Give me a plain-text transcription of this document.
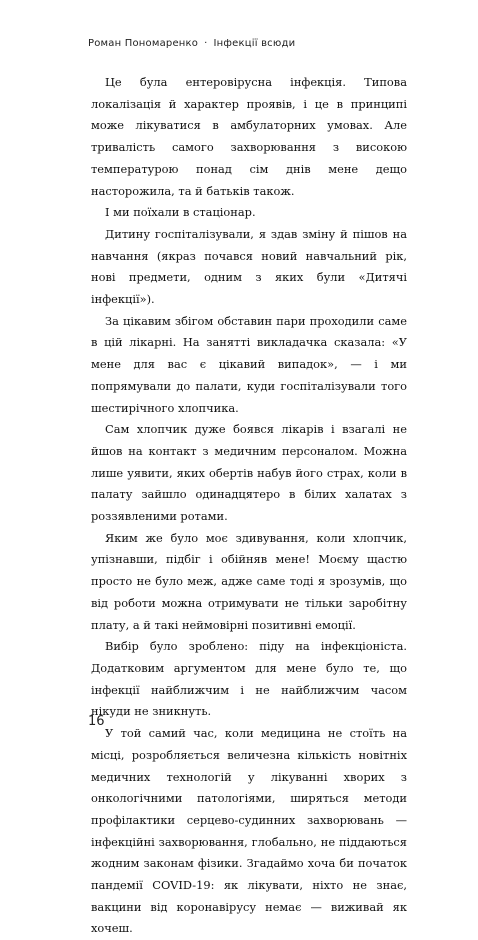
Роман Пономаренко · Інфекції всюди

Це була ентеровірусна інфекція. Типова локалізація й характер проявів, і це в принципі може лікуватися в амбулаторних умовах. Але тривалість самого захворювання з високою температурою понад сім днів мене дещо насторожила, та й батьків також.

І ми поїхали в стаціонар.

Дитину госпіталізували, я здав зміну й пішов на навчання (якраз почався новий навчальний рік, нові предмети, одним з яких були «Дитячі інфекції»).

За цікавим збігом обставин пари проходили саме в цій лікарні. На занятті викладачка сказала: «У мене для вас є цікавий випадок», — і ми попрямували до палати, куди госпіталізували того шестирічного хлопчика.

Сам хлопчик дуже боявся лікарів і взагалі не йшов на контакт з медичним персоналом. Можна лише уявити, яких обертів набув його страх, коли в палату зайшло одинадцятеро в білих халатах з роззявленими ротами.

Яким же було моє здивування, коли хлопчик, упізнавши, підбіг і обійняв мене! Моєму щастю просто не було меж, адже саме тоді я зрозумів, що від роботи можна отримувати не тільки заробітну плату, а й такі неймовірні позитивні емоції.

Вибір було зроблено: піду на інфекціоніста. Додатковим аргументом для мене було те, що інфекції найближчим і не найближчим часом нікуди не зникнуть.

У той самий час, коли медицина не стоїть на місці, розробляється величезна кількість новітніх медичних технологій у лікуванні хворих з онкологічними патологіями, ширяться методи профілактики серцево-судинних захворювань — інфекційні захворювання, глобально, не піддаються жодним законам фізики. Згадаймо хоча би початок пандемії COVID-19: як лікувати, ніхто не знає, вакцини від коронавірусу немає — виживай як хочеш.

16
